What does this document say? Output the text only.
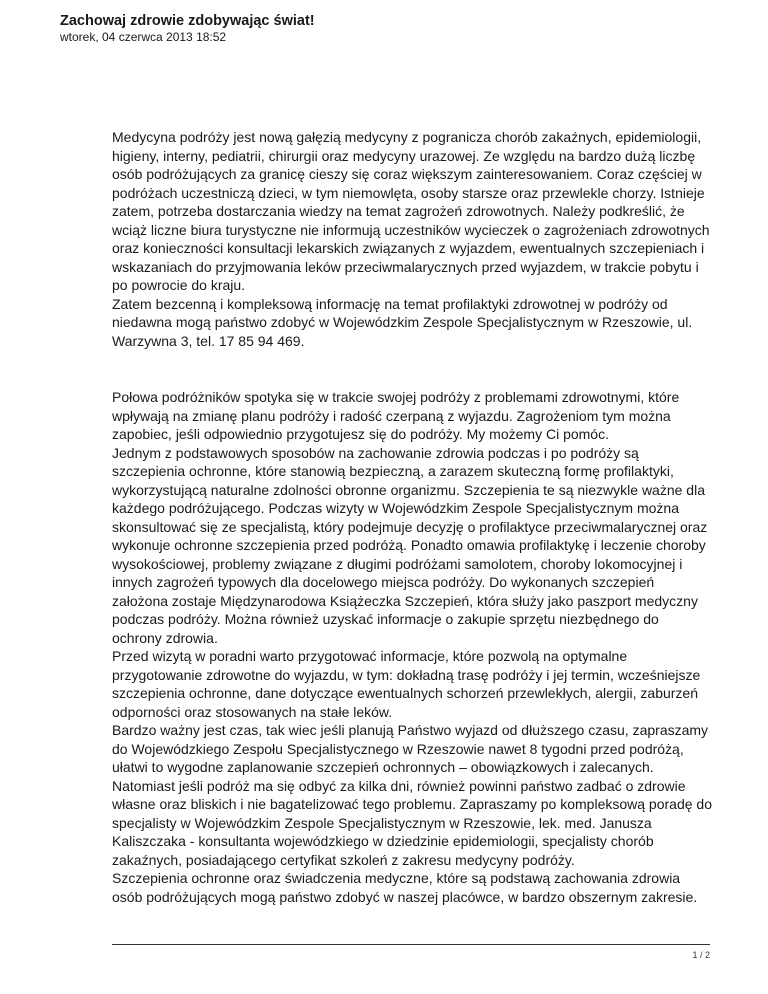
Zachowaj zdrowie zdobywając świat!

wtorek, 04 czerwca 2013 18:52

Medycyna podróży jest nową gałęzią medycyny z pogranicza chorób zakaźnych, epidemiologii, higieny, interny, pediatrii, chirurgii oraz medycyny urazowej. Ze względu na bardzo dużą liczbę osób podróżujących za granicę cieszy się coraz większym zainteresowaniem. Coraz częściej w podróżach uczestniczą dzieci, w tym niemowlęta, osoby starsze oraz przewlekle chorzy. Istnieje zatem, potrzeba dostarczania wiedzy na temat zagrożeń zdrowotnych. Należy podkreślić, że wciąż liczne biura turystyczne nie informują uczestników wycieczek o zagrożeniach zdrowotnych oraz konieczności konsultacji lekarskich związanych z wyjazdem, ewentualnych szczepieniach i wskazaniach do przyjmowania leków przeciwmalarycznych przed wyjazdem, w trakcie pobytu i po powrocie do kraju.

Zatem bezcenną i kompleksową informację na temat profilaktyki zdrowotnej w podróży od niedawna mogą państwo zdobyć w Wojewódzkim Zespole Specjalistycznym w Rzeszowie, ul. Warzywna 3, tel. 17 85 94 469.

Połowa podróżników spotyka się w trakcie swojej podróży z problemami zdrowotnymi, które wpływają na zmianę planu podróży i radość czerpaną z wyjazdu. Zagrożeniom tym można zapobiec, jeśli odpowiednio przygotujesz się do podróży. My możemy Ci pomóc.

Jednym z podstawowych sposobów na zachowanie zdrowia podczas i po podróży są szczepienia ochronne, które stanowią bezpieczną, a zarazem skuteczną formę profilaktyki, wykorzystującą naturalne zdolności obronne organizmu. Szczepienia te są niezwykle ważne dla każdego podróżującego. Podczas wizyty w Wojewódzkim Zespole Specjalistycznym można skonsultować się ze specjalistą, który podejmuje decyzję o profilaktyce przeciwmalarycznej oraz wykonuje ochronne szczepienia przed podróżą. Ponadto omawia profilaktykę i leczenie choroby wysokościowej, problemy związane z długimi podróżami samolotem, choroby lokomocyjnej i innych zagrożeń typowych dla docelowego miejsca podróży. Do wykonanych szczepień założona zostaje Międzynarodowa Książeczka Szczepień, która służy jako paszport medyczny podczas podróży. Można również uzyskać informacje o zakupie sprzętu niezbędnego do ochrony zdrowia.

Przed wizytą w poradni warto przygotować informacje, które pozwolą na optymalne przygotowanie zdrowotne do wyjazdu, w tym: dokładną trasę podróży i jej termin, wcześniejsze szczepienia ochronne, dane dotyczące ewentualnych schorzeń przewlekłych, alergii, zaburzeń odporności oraz stosowanych na stałe leków.

Bardzo ważny jest czas, tak wiec jeśli planują Państwo wyjazd od dłuższego czasu, zapraszamy do Wojewódzkiego Zespołu Specjalistycznego w Rzeszowie nawet 8 tygodni przed podróżą, ułatwi to wygodne zaplanowanie szczepień ochronnych – obowiązkowych i zalecanych. Natomiast jeśli podróż ma się odbyć za kilka dni, również powinni państwo zadbać o zdrowie własne oraz bliskich i nie bagatelizować tego problemu. Zapraszamy po kompleksową poradę do specjalisty w Wojewódzkim Zespole Specjalistycznym w Rzeszowie, lek. med. Janusza Kaliszczaka - konsultanta wojewódzkiego w dziedzinie epidemiologii, specjalisty chorób zakaźnych, posiadającego certyfikat szkoleń z zakresu medycyny podróży.

Szczepienia ochronne oraz świadczenia medyczne, które są podstawą zachowania zdrowia osób podróżujących mogą państwo zdobyć w naszej placówce, w bardzo obszernym zakresie.

1 / 2
